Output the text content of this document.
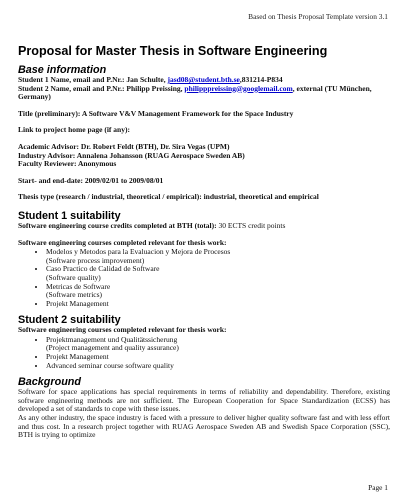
Based on Thesis Proposal Template version 3.1
Proposal for Master Thesis in Software Engineering
Base information

Student 1 Name, email and P.Nr.: Jan Schulte, jasd08@student.bth.se,831214-P834

Student 2 Name, email and P.Nr.: Philipp Preissing, philipppreissing@googlemail.com, external (TU München, Germany)

Title (preliminary): A Software V&V Management Framework for the Space Industry

Link to project home page (if any):

Academic Advisor: Dr. Robert Feldt (BTH), Dr. Sira Vegas (UPM)

Industry Advisor: Annalena Johansson (RUAG Aerospace Sweden AB)

Faculty Reviewer: Anonymous

Start- and end-date: 2009/02/01 to 2009/08/01

Thesis type (research / industrial, theoretical / empirical): industrial, theoretical and empirical

Student 1 suitability

Software engineering course credits completed at BTH (total): 30 ECTS credit points

Software engineering courses completed relevant for thesis work:

• Modelos y Metodos para la Evaluacion y Mejora de Procesos
(Software process improvement)
• Caso Practico de Calidad de Software
(Software quality)
• Metricas de Software
(Software metrics)
• Projekt Management
Student 2 suitability

Software engineering courses completed relevant for thesis work:

• Projektmanagement und Qualitätssicherung
(Project management and quality assurance)
• Projekt Management
• Advanced seminar course software quality
Background

Software for space applications has special requirements in terms of reliability and dependability. Therefore, existing software engineering methods are not sufficient. The European Cooperation for Space Standardization (ECSS) has developed a set of standards to cope with these issues.

As any other industry, the space industry is faced with a pressure to deliver higher quality software fast and with less effort and thus cost. In a research project together with RUAG Aerospace Sweden AB and Swedish Space Corporation (SSC), BTH is trying to optimize

Page 1
